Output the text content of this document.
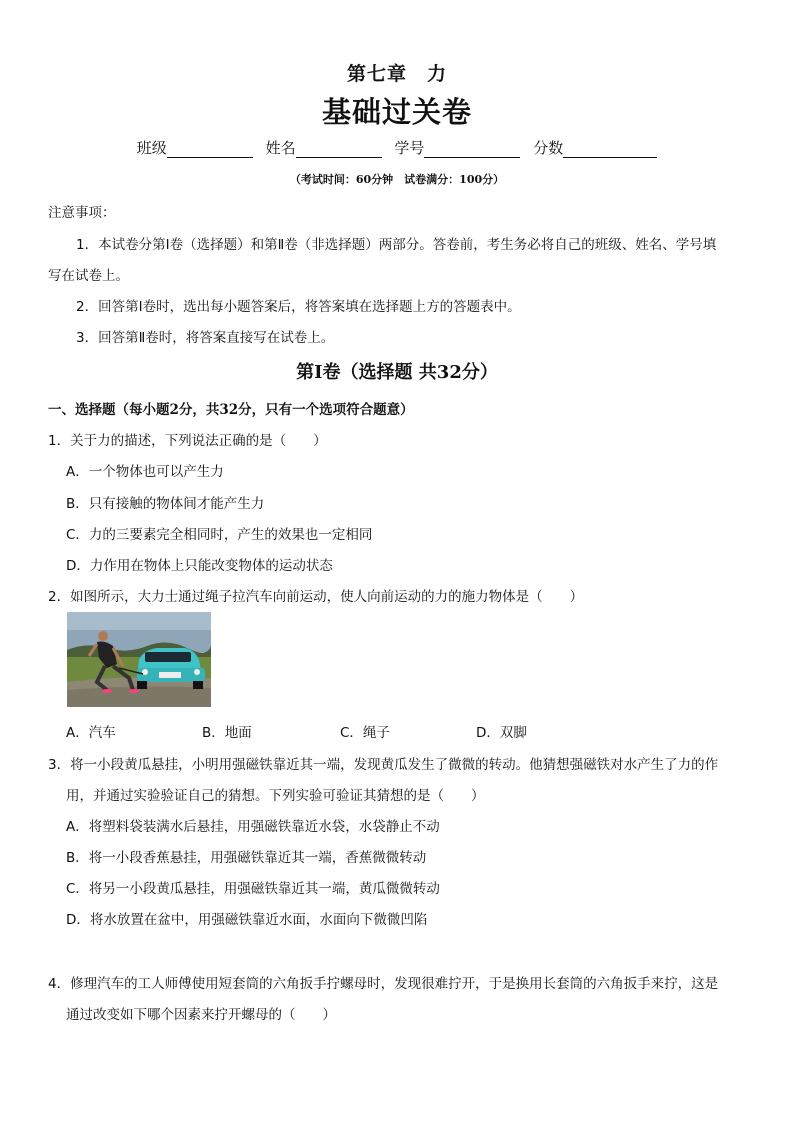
第七章　力
基础过关卷
班级	姓名	学号	分数
（考试时间：60分钟　试卷满分：100分）
注意事项：
1．本试卷分第Ⅰ卷（选择题）和第Ⅱ卷（非选择题）两部分。答卷前，考生务必将自己的班级、姓名、学号填
写在试卷上。
2．回答第Ⅰ卷时，选出每小题答案后，将答案填在选择题上方的答题表中。
3．回答第Ⅱ卷时，将答案直接写在试卷上。
第Ⅰ卷（选择题 共32分）
一、选择题（每小题2分，共32分，只有一个选项符合题意）
1．关于力的描述，下列说法正确的是（　　）
A．一个物体也可以产生力
B．只有接触的物体间才能产生力
C．力的三要素完全相同时，产生的效果也一定相同
D．力作用在物体上只能改变物体的运动状态
2．如图所示，大力士通过绳子拉汽车向前运动，使人向前运动的力的施力物体是（　　）
A．汽车	B．地面	C．绳子	D．双脚
3．将一小段黄瓜悬挂，小明用强磁铁靠近其一端，发现黄瓜发生了微微的转动。他猜想强磁铁对水产生了力的作
用，并通过实验验证自己的猜想。下列实验可验证其猜想的是（　　）
A．将塑料袋装满水后悬挂，用强磁铁靠近水袋，水袋静止不动
B．将一小段香蕉悬挂，用强磁铁靠近其一端，香蕉微微转动
C．将另一小段黄瓜悬挂，用强磁铁靠近其一端，黄瓜微微转动
D．将水放置在盆中，用强磁铁靠近水面，水面向下微微凹陷
4．修理汽车的工人师傅使用短套筒的六角扳手拧螺母时，发现很难拧开，于是换用长套筒的六角扳手来拧，这是
通过改变如下哪个因素来拧开螺母的（　　）
